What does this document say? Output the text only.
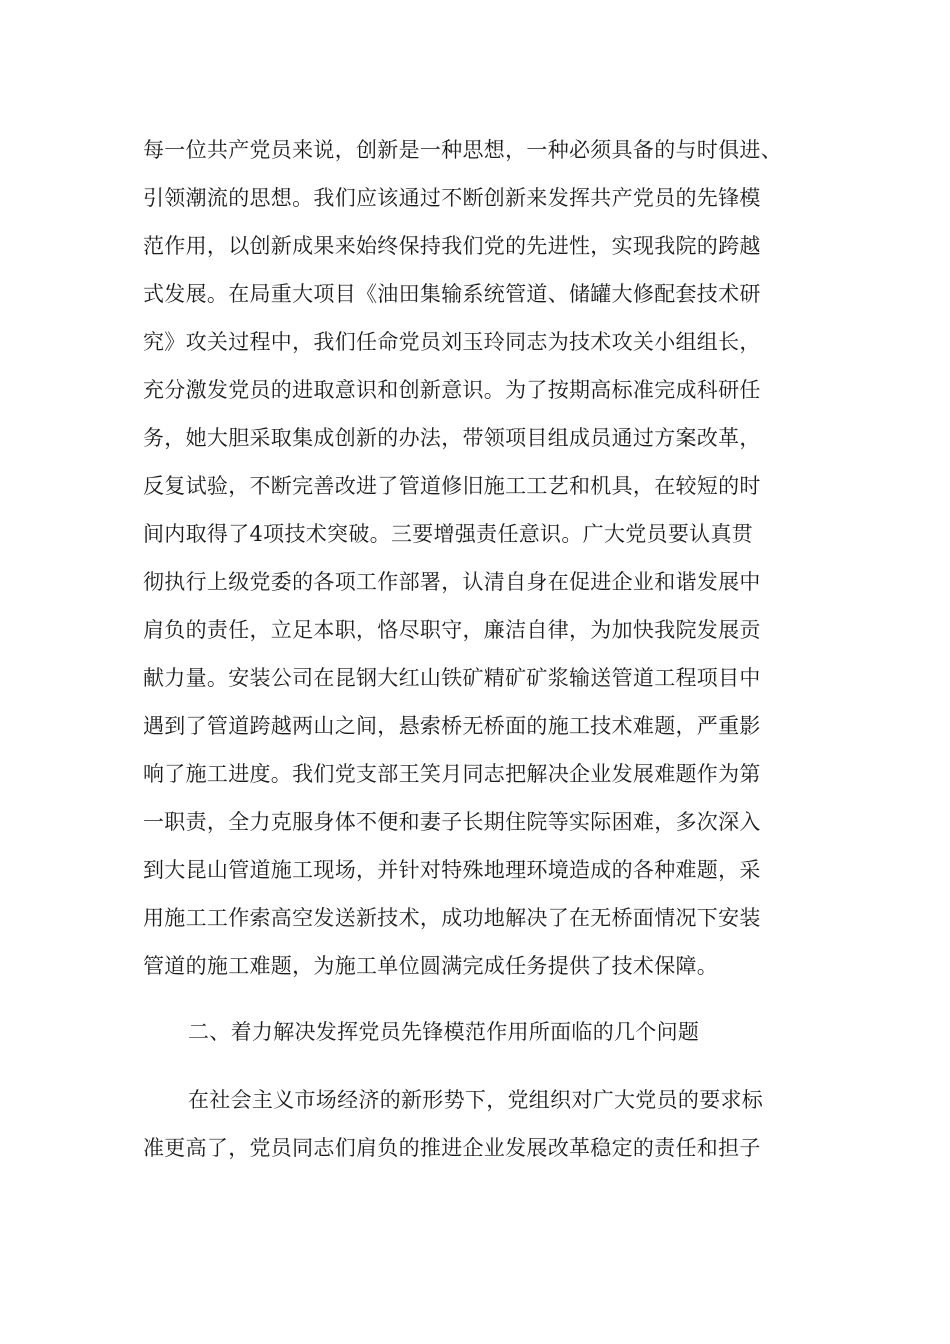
每一位共产党员来说，创新是一种思想，一种必须具备的与时俱进、
引领潮流的思想。我们应该通过不断创新来发挥共产党员的先锋模
范作用，以创新成果来始终保持我们党的先进性，实现我院的跨越
式发展。在局重大项目《油田集输系统管道、储罐大修配套技术研
究》攻关过程中，我们任命党员刘玉玲同志为技术攻关小组组长，
充分激发党员的进取意识和创新意识。为了按期高标准完成科研任
务，她大胆采取集成创新的办法，带领项目组成员通过方案改革，
反复试验，不断完善改进了管道修旧施工工艺和机具，在较短的时
间内取得了4项技术突破。三要增强责任意识。广大党员要认真贯
彻执行上级党委的各项工作部署，认清自身在促进企业和谐发展中
肩负的责任，立足本职，恪尽职守，廉洁自律，为加快我院发展贡
献力量。安装公司在昆钢大红山铁矿精矿矿浆输送管道工程项目中
遇到了管道跨越两山之间，悬索桥无桥面的施工技术难题，严重影
响了施工进度。我们党支部王笑月同志把解决企业发展难题作为第
一职责，全力克服身体不便和妻子长期住院等实际困难，多次深入
到大昆山管道施工现场，并针对特殊地理环境造成的各种难题，采
用施工工作索高空发送新技术，成功地解决了在无桥面情况下安装
管道的施工难题，为施工单位圆满完成任务提供了技术保障。
二、着力解决发挥党员先锋模范作用所面临的几个问题
在社会主义市场经济的新形势下，党组织对广大党员的要求标
准更高了，党员同志们肩负的推进企业发展改革稳定的责任和担子
